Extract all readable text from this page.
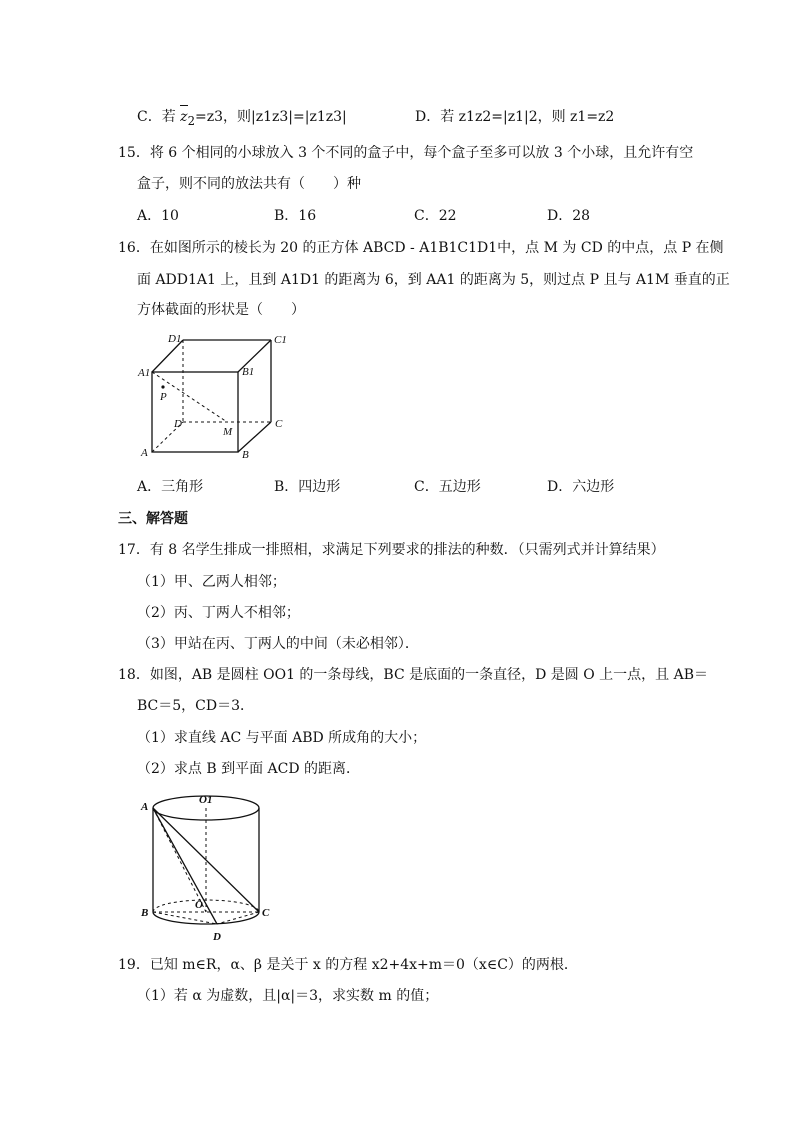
C．若 $z_2=z3$，则|z1z3|=|z1z3|	D．若 z1z2=|z1|2，则 z1=z2
15．将 6 个相同的小球放入 3 个不同的盒子中，每个盒子至多可以放 3 个小球，且允许有空
盒子，则不同的放法共有（　　）种
A．10	B．16	C．22	D．28
16．在如图所示的棱长为 20 的正方体 ABCD - A1B1C1D1中，点 M 为 CD 的中点，点 P 在侧
面 ADD1A1 上，且到 A1D1 的距离为 6，到 AA1 的距离为 5，则过点 P 且与 A1M 垂直的正
方体截面的形状是（　　）
D1	C1
A1	B1
P
D
M
C
A	B
A．三角形	B．四边形	C．五边形	D．六边形
三、解答题
17．有 8 名学生排成一排照相，求满足下列要求的排法的种数．（只需列式并计算结果）
（1）甲、乙两人相邻；
（2）丙、丁两人不相邻；
（3）甲站在丙、丁两人的中间（未必相邻）．
18．如图，AB 是圆柱 OO1 的一条母线，BC 是底面的一条直径，D 是圆 O 上一点，且 AB＝
BC＝5，CD＝3．
（1）求直线 AC 与平面 ABD 所成角的大小；
（2）求点 B 到平面 ACD 的距离．
A
O1
B
O
C
D
19．已知 m∈R，α、β 是关于 x 的方程 x2+4x+m＝0（x∈C）的两根．
（1）若 α 为虚数，且|α|＝3，求实数 m 的值；
